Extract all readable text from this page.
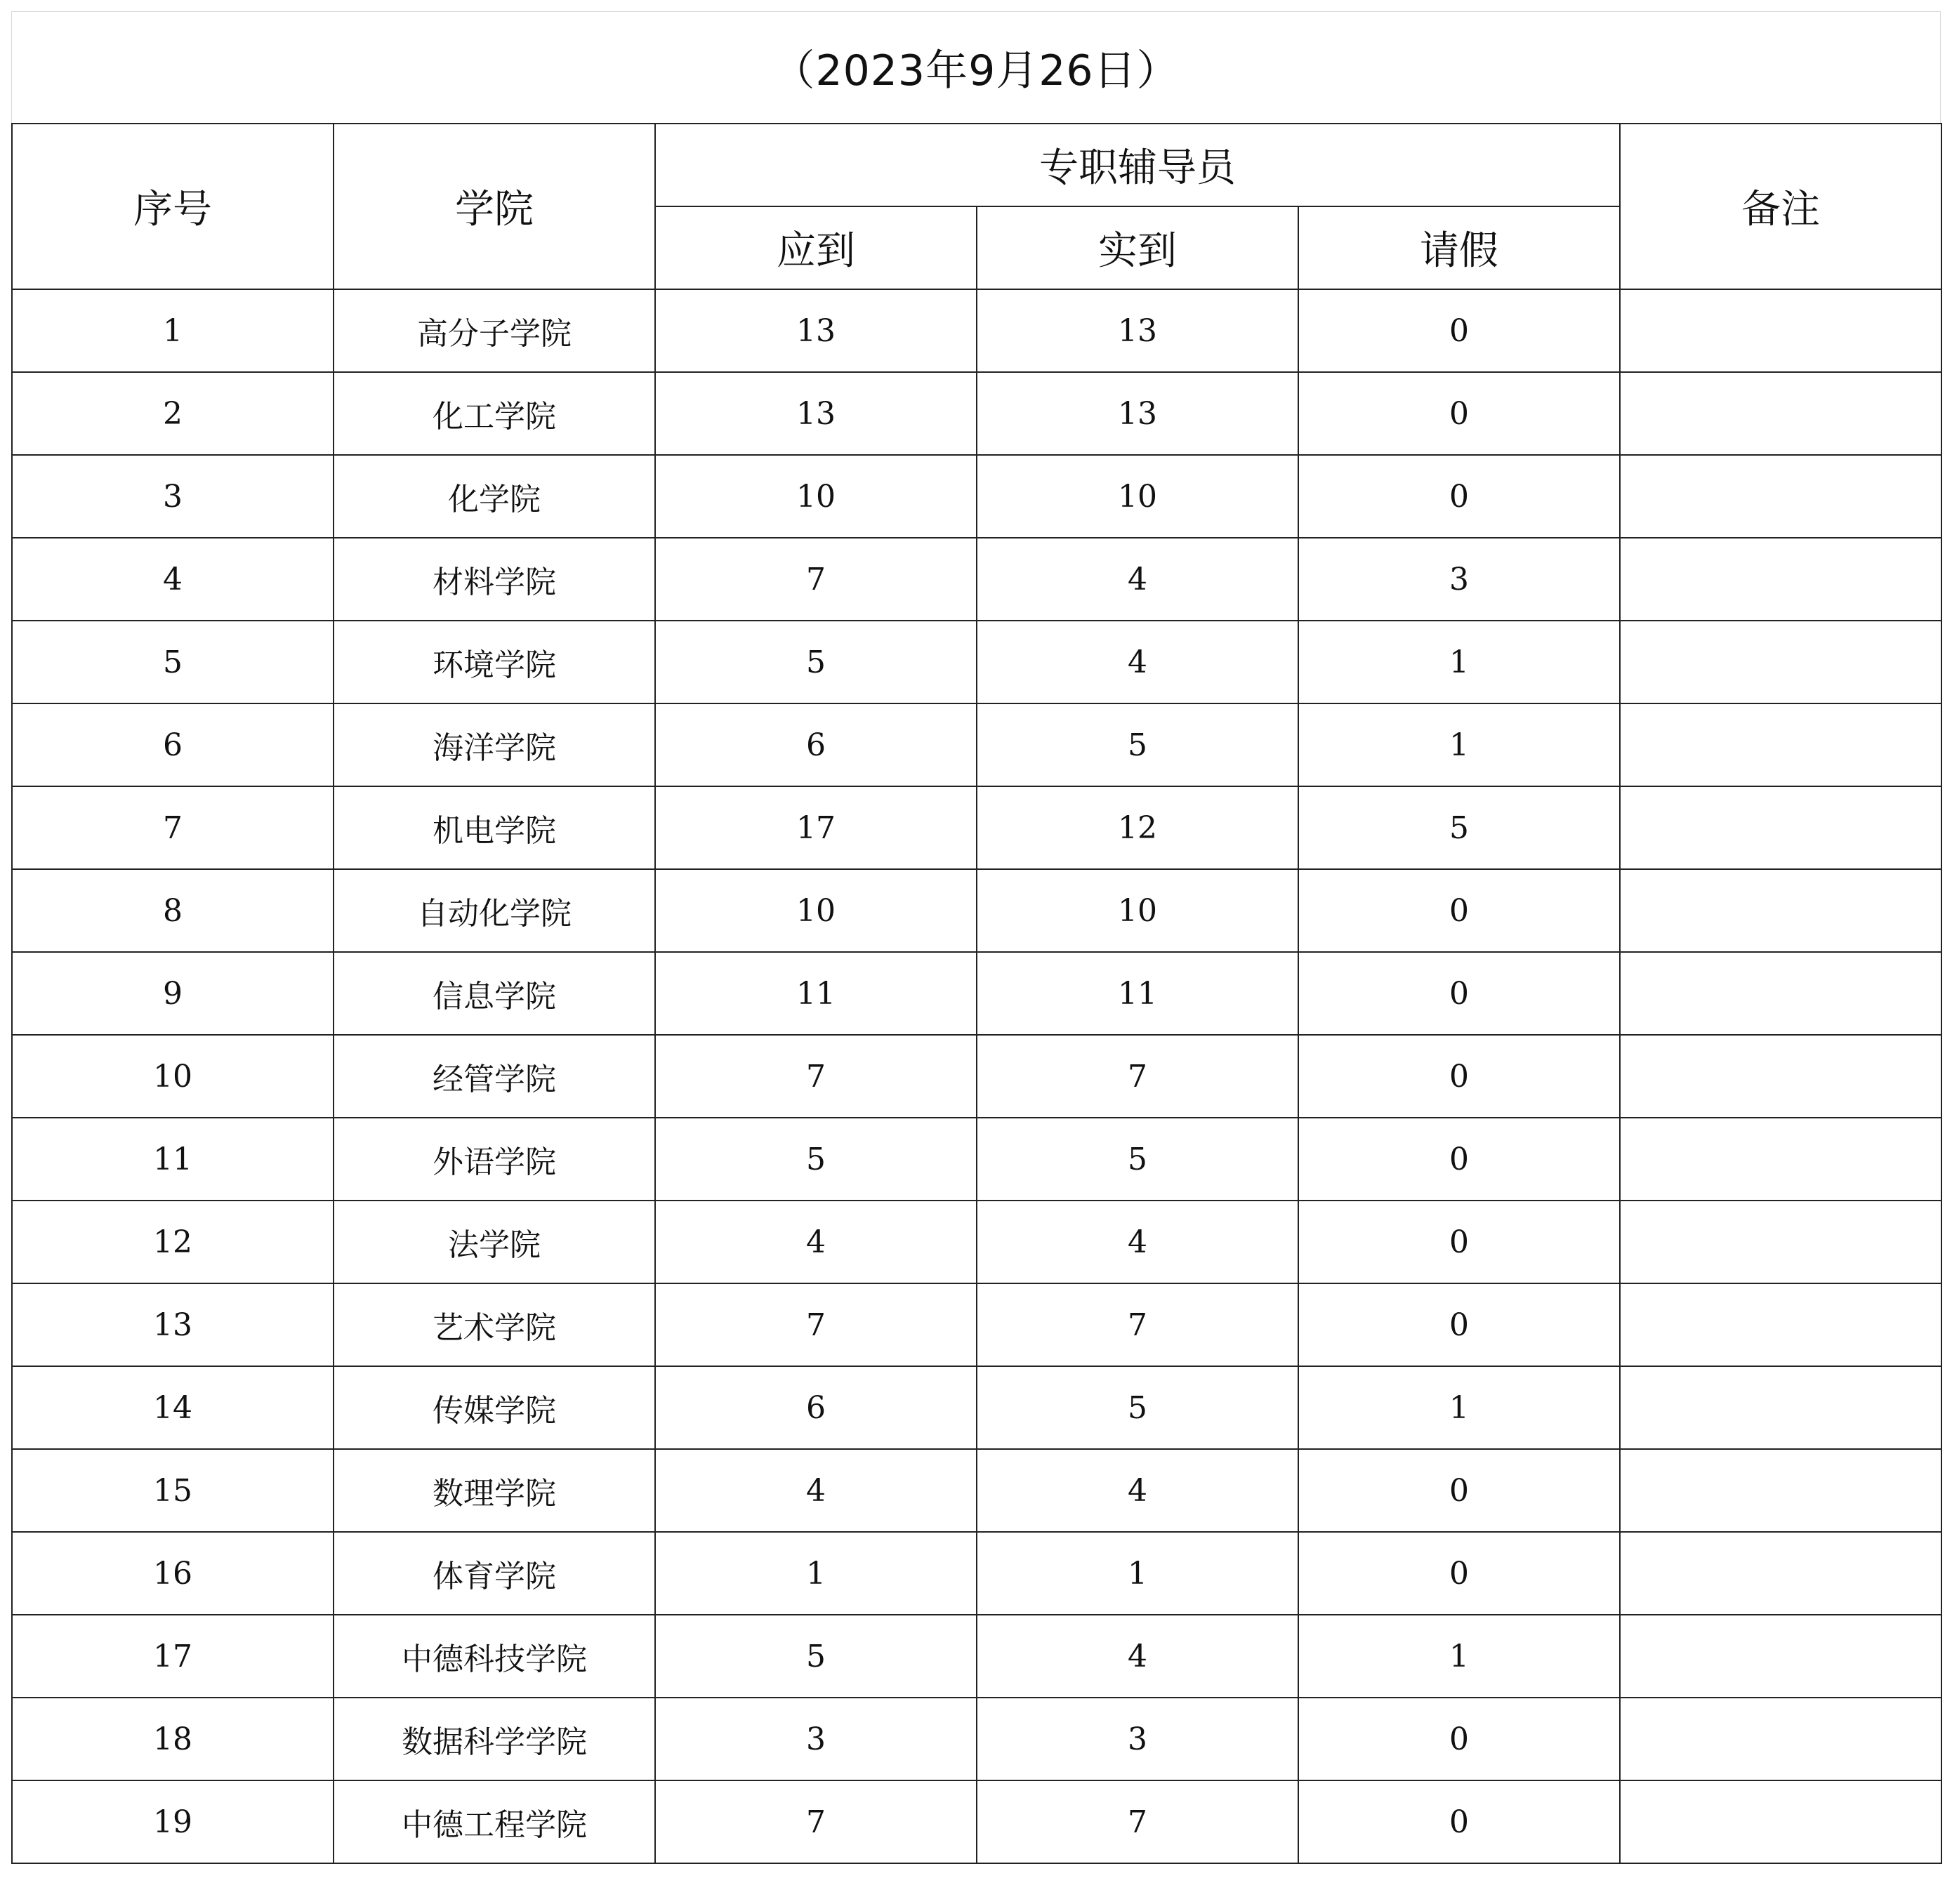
（2023年9月26日）
序号	学院	专职辅导员			备注
		应到	实到	请假	
1	高分子学院	13	13	0	
2	化工学院	13	13	0	
3	化学院	10	10	0	
4	材料学院	7	4	3	
5	环境学院	5	4	1	
6	海洋学院	6	5	1	
7	机电学院	17	12	5	
8	自动化学院	10	10	0	
9	信息学院	11	11	0	
10	经管学院	7	7	0	
11	外语学院	5	5	0	
12	法学院	4	4	0	
13	艺术学院	7	7	0	
14	传媒学院	6	5	1	
15	数理学院	4	4	0	
16	体育学院	1	1	0	
17	中德科技学院	5	4	1	
18	数据科学学院	3	3	0	
19	中德工程学院	7	7	0	
